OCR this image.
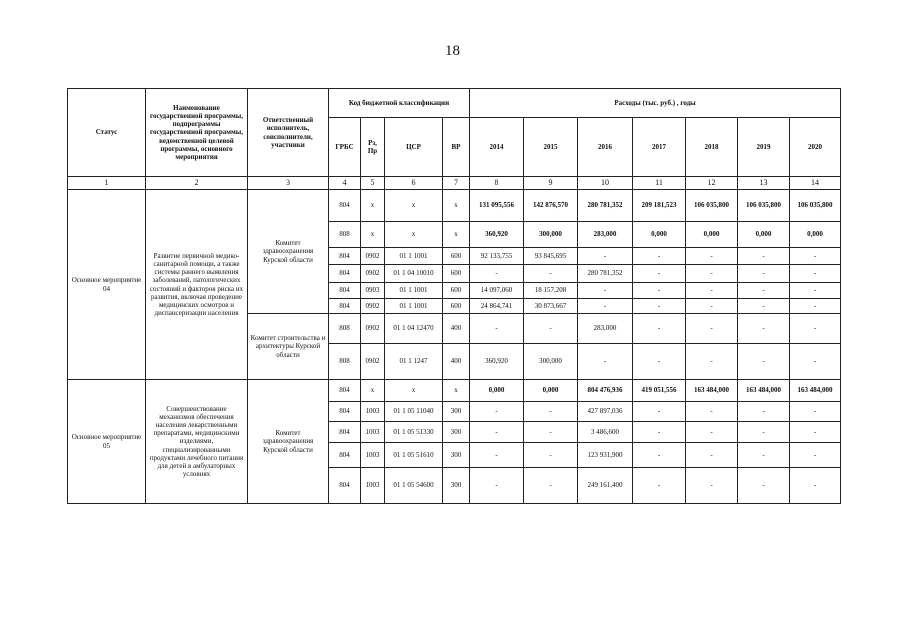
18
Статус	Наименование государственной программы, подпрограммы государственной программы, ведомственной целевой программы, основного мероприятия	Ответственный исполнитель, соисполнители, участники	Код бюджетной классификации				Расходы (тыс. руб.) , годы						
			ГРБС	Рз, Пр	ЦСР	ВР	2014	2015	2016	2017	2018	2019	2020
1	2	3	4	5	6	7	8	9	10	11	12	13	14
Основное мероприятие 04	Развитие первичной медико-санитарной помощи, а также системы раннего выявления заболеваний, патологических состояний и факторов риска их развития, включая проведение медицинских осмотров и диспансеризации населения	Комитет здравоохранения Курской области	804	х	х	х	131 095,556	142 876,570	280 781,352	209 181,523	106 035,800	106 035,800	106 035,800
			808	х	х	х	360,920	300,000	283,000	0,000	0,000	0,000	0,000
			804	0902	01 1 1001	600	92 133,755	93 845,695	-	-	-	-	-
			804	0902	01 1 04 10010	600	-	-	280 781,352	-	-	-	-
			804	0903	01 1 1001	600	14 097,060	18 157,208	-	-	-	-	-
			804	0902	01 1 1001	600	24 864,741	30 873,667	-	-	-	-	-
		Комитет строительства и архитектуры Курской области	808	0902	01 1 04 12470	400	-	-	283,000	-	-	-	-
			808	0902	01 1 1247	400	360,920	300,000	-	-	-	-	-
Основное мероприятие 05	Совершенствование механизмов обеспечения населения лекарственными препаратами, медицинскими изделиями, специализированными продуктами лечебного питания для детей в амбулаторных условиях	Комитет здравоохранения Курской области	804	х	х	х	0,000	0,000	804 476,936	419 051,556	163 484,000	163 484,000	163 484,000
			804	1003	01 1 05 11040	300	-	-	427 897,036	-	-	-	-
			804	1003	01 1 05 51330	300	-	-	3 486,600	-	-	-	-
			804	1003	01 1 05 51610	300	-	-	123 931,900	-	-	-	-
			804	1003	01 1 05 54600	300	-	-	249 161,400	-	-	-	-
